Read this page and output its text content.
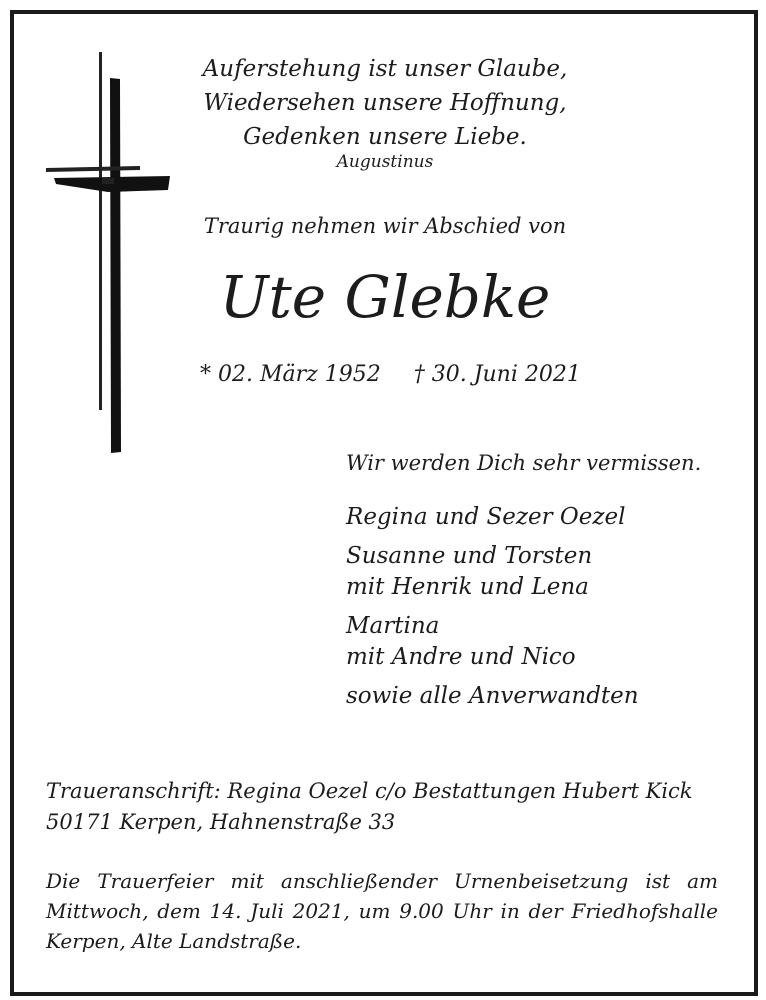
Auferstehung ist unser Glaube,
Wiedersehen unsere Hoffnung,
Gedenken unsere Liebe.
Augustinus
Traurig nehmen wir Abschied von
Ute Glebke
* 02. März 1952 † 30. Juni 2021
Wir werden Dich sehr vermissen.
Regina und Sezer Oezel
Susanne und Torsten
mit Henrik und Lena
Martina
mit Andre und Nico
sowie alle Anverwandten
Traueranschrift: Regina Oezel c/o Bestattungen Hubert Kick
50171 Kerpen, Hahnenstraße 33
Die Trauerfeier mit anschließender Urnenbeisetzung ist am Mittwoch, dem 14. Juli 2021, um 9.00 Uhr in der Friedhofshalle Kerpen, Alte Landstraße.
